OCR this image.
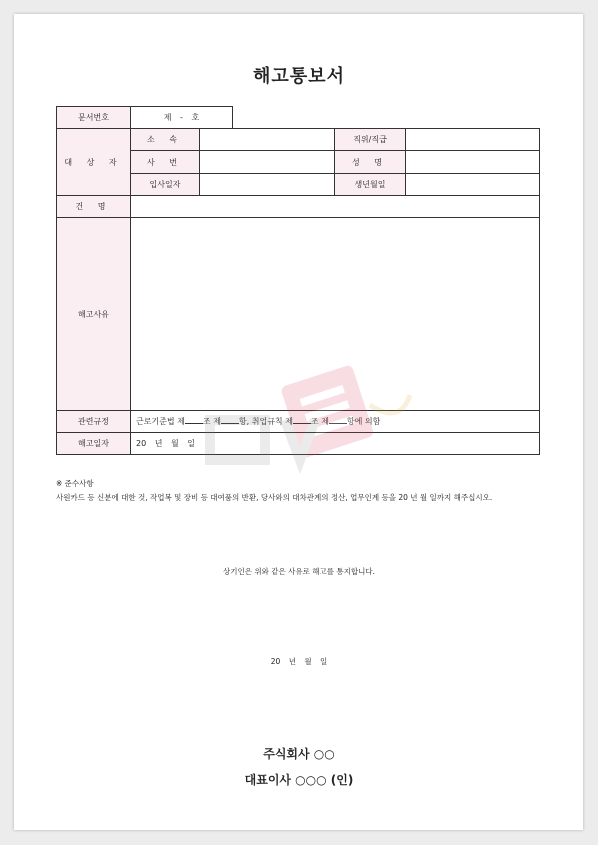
해고통보서
문서번호	제 - 호
대 상 자	소 속		직위/직급	
	사 번		성 명	
	입사일자		생년월일	
건 명				
해고사유				
관련규정	근로기준법 제 조 제 항, 취업규칙 제 조 제 항에 의함			
해고일자	20 년 월 일			
※ 준수사항
사원카드 등 신분에 대한 것, 작업복 및 장비 등 대여품의 반환, 당사와의 대차관계의 정산, 업무인계 등을 20 년 월 일까지 해주십시오.
상기인은 위와 같은 사유로 해고를 통지합니다.
20 년 월 일
주식회사 ○○
대표이사 ○○○ (인)
